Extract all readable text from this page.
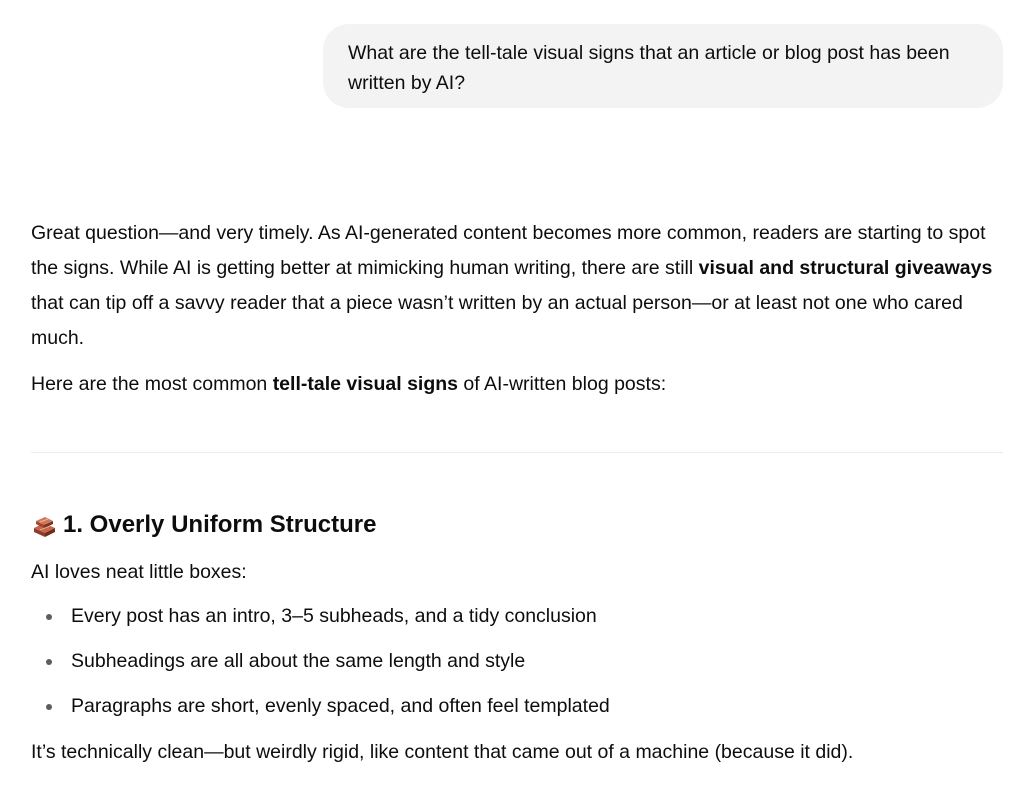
What are the tell-tale visual signs that an article or blog post has been written by AI?

Great question—and very timely. As AI-generated content becomes more common, readers are starting to spot the signs. While AI is getting better at mimicking human writing, there are still visual and structural giveaways that can tip off a savvy reader that a piece wasn’t written by an actual person—or at least not one who cared much.

Here are the most common tell-tale visual signs of AI-written blog posts:

1. Overly Uniform Structure

AI loves neat little boxes:

Every post has an intro, 3–5 subheads, and a tidy conclusion
Subheadings are all about the same length and style
Paragraphs are short, evenly spaced, and often feel templated

It’s technically clean—but weirdly rigid, like content that came out of a machine (because it did).
